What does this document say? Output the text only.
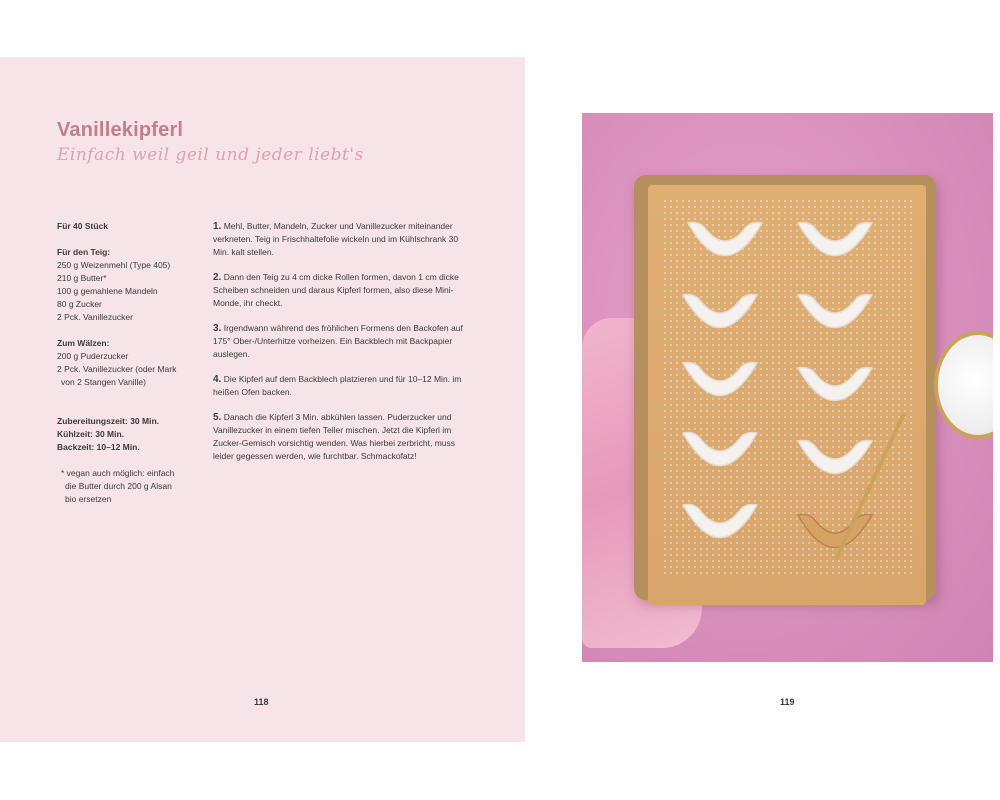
Vanillekipferl

Einfach weil geil und jeder liebt's

Für 40 Stück
Für den Teig:
250 g Weizenmehl (Type 405)
210 g Butter*
100 g gemahlene Mandeln
80 g Zucker
2 Pck. Vanillezucker
Zum Wälzen:
200 g Puderzucker
2 Pck. Vanillezucker (oder Mark
von 2 Stangen Vanille)
Zubereitungszeit: 30 Min.
Kühlzeit: 30 Min.
Backzeit: 10–12 Min.
* vegan auch möglich: einfach
die Butter durch 200 g Alsan
bio ersetzen
1. Mehl, Butter, Mandeln, Zucker und Vanillezucker miteinander verkneten. Teig in Frischhaltefolie wickeln und im Kühlschrank 30 Min. kalt stellen.
2. Dann den Teig zu 4 cm dicke Rollen formen, davon 1 cm dicke Scheiben schneiden und daraus Kipferl formen, also diese Mini-Monde, ihr checkt.
3. Irgendwann während des fröhlichen Formens den Backofen auf 175° Ober-/Unterhitze vorheizen. Ein Backblech mit Backpapier auslegen.
4. Die Kipferl auf dem Backblech platzieren und für 10–12 Min. im heißen Ofen backen.
5. Danach die Kipferl 3 Min. abkühlen lassen. Puderzucker und Vanillezucker in einem tiefen Teller mischen. Jetzt die Kipferl im Zucker-Gemisch vorsichtig wenden. Was hierbei zerbricht, muss leider gegessen werden, wie furchtbar. Schmackofatz!
118	119
